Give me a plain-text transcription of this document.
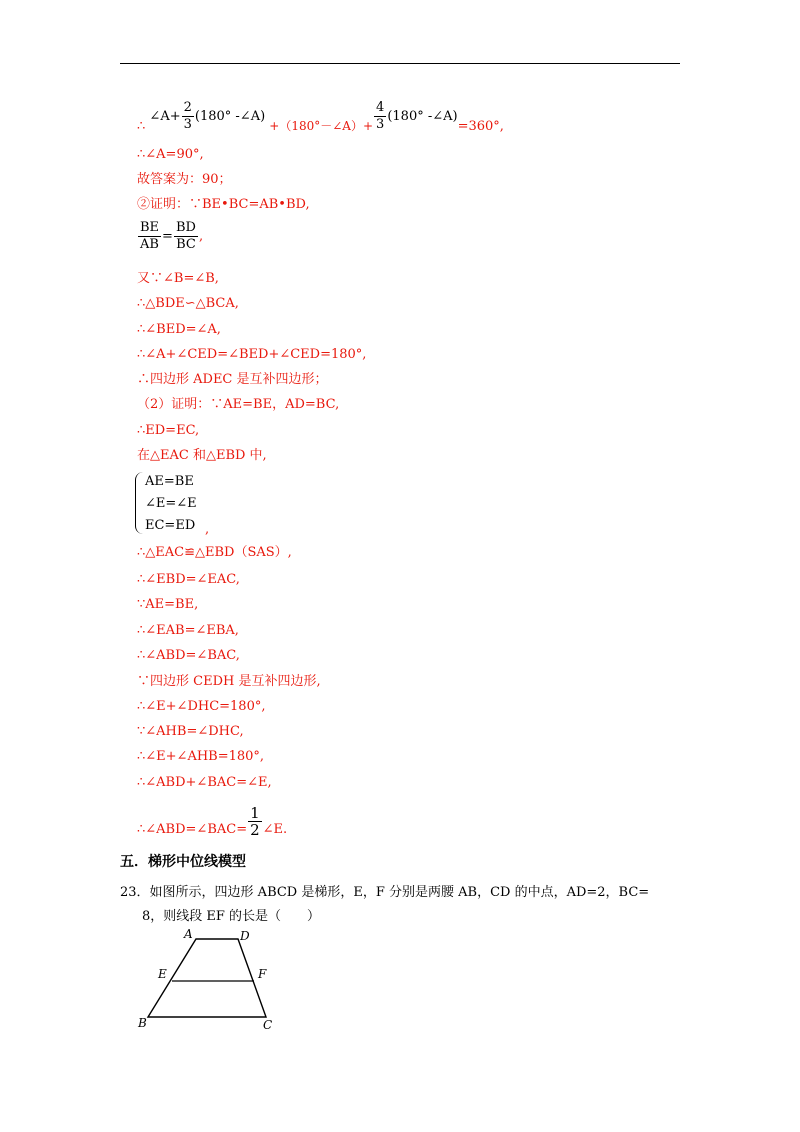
∴ ∠A+ $\frac{2}{3} (180^\circ$ -∠A) +（180°－∠A）+ $\frac{4}{3} (180^\circ$ -∠A)=360°,
∴∠A=90°,
故答案为：90；
②证明：∵BE•BC=AB•BD,
$\frac{BE}{AB} = \frac{BD}{BC}$ ,
又∵∠B=∠B,
∴△BDE∽△BCA,
∴∠BED=∠A,
∴∠A+∠CED=∠BED+∠CED=180°,
∴四边形 ADEC 是互补四边形；
（2）证明：∵AE=BE，AD=BC,
∴ED=EC,
在△EAC 和△EBD 中,
AE=BE
∠E=∠E
EC=ED ,
∴△EAC≌△EBD（SAS）,
∴∠EBD=∠EAC,
∵AE=BE,
∴∠EAB=∠EBA,
∴∠ABD=∠BAC,
∵四边形 CEDH 是互补四边形,
∴∠E+∠DHC=180°,
∵∠AHB=∠DHC,
∴∠E+∠AHB=180°,
∴∠ABD+∠BAC=∠E,
∴∠ABD=∠BAC= $\frac{1}{2}$ ∠E.
五．梯形中位线模型
23．如图所示，四边形 ABCD 是梯形，E，F 分别是两腰 AB，CD 的中点，AD=2，BC=
8，则线段 EF 的长是（　　）
A	D
E	F
B	C
